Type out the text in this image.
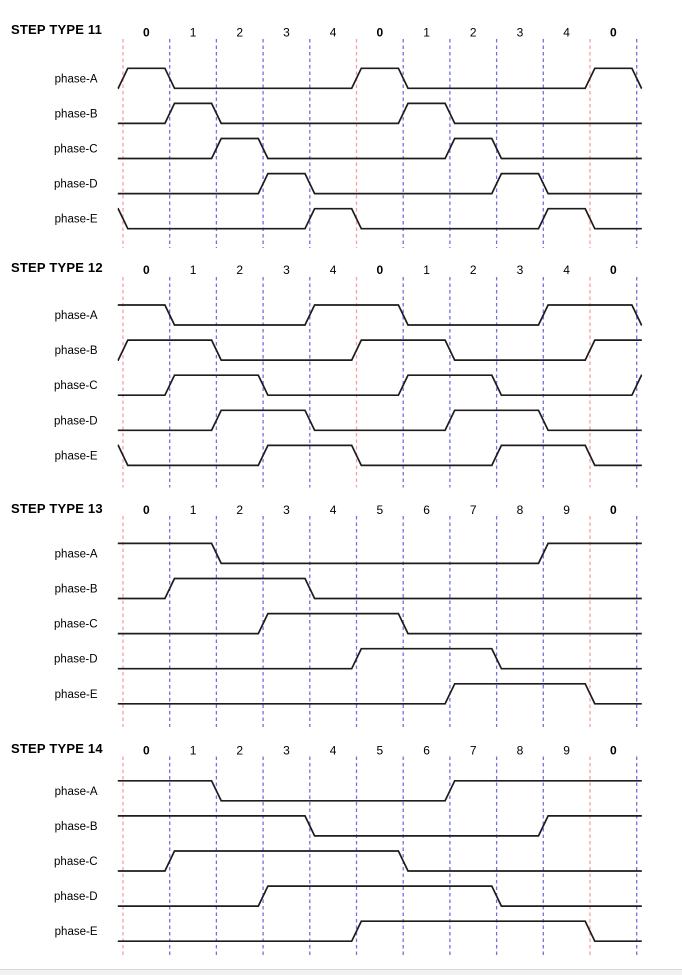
STEP TYPE 11
STEP TYPE 12
STEP TYPE 13
STEP TYPE 14
0	1	2	3	4	0	1	2	3	4	0
phase-A
phase-B
phase-C
phase-D
phase-E
0	1	2	3	4	0	1	2	3	4	0
phase-A
phase-B
phase-C
phase-D
phase-E
0	1	2	3	4	5	6	7	8	9	0
phase-A
phase-B
phase-C
phase-D
phase-E
0	1	2	3	4	5	6	7	8	9	0
phase-A
phase-B
phase-C
phase-D
phase-E
